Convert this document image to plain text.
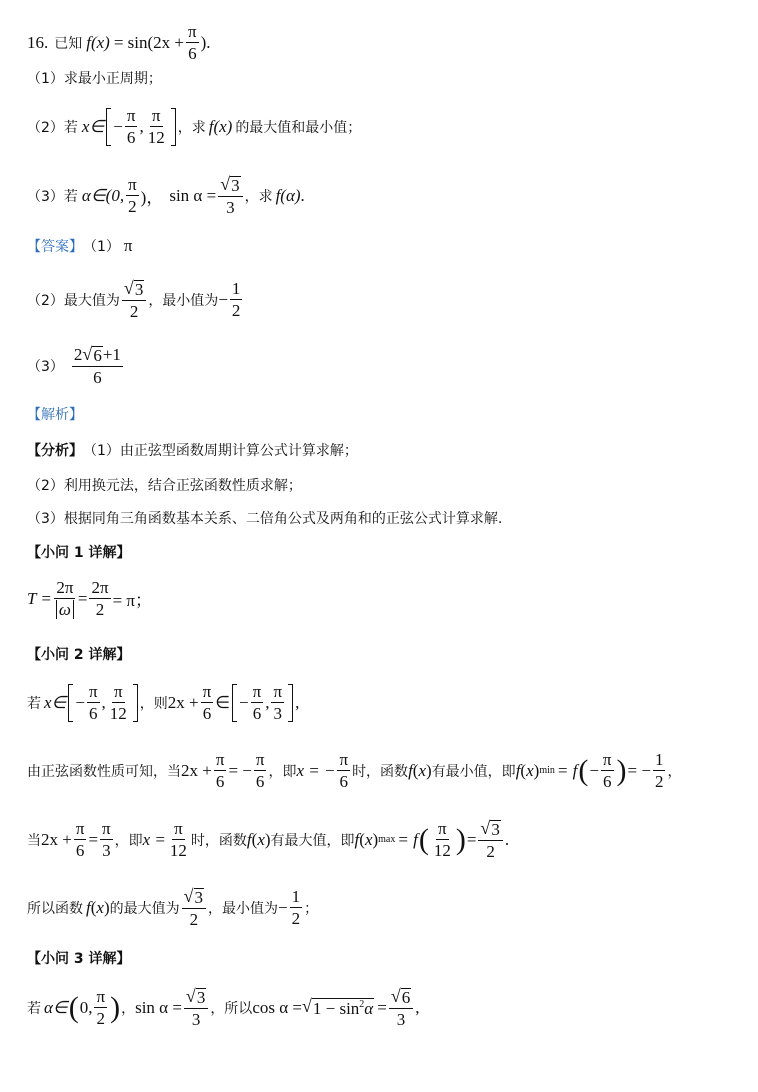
16. 已知 $f(x) = \sin(2x + \frac{\pi}{6}$ ).
（1） 求最小正周期；
（2） 若 x∈ − $\frac{\pi}{6}$ , $\frac{\pi}{12}$ ，求 f(x) 的最大值和最小值；
（3） 若 α∈(0, $\frac{\pi}{2}$ )， $\sin \alpha = \frac{√ 3}{3}$ ，求 f(α) .
【答案】 （1） π
（2） 最大值为 $\frac{√ 3}{2}$ ，最小值为 − $\frac{1}{2}$
$(3) \frac{2 √ 6 +1}{6}$
【解析】
【分析】 （1）由正弦型函数周期计算公式计算求解；
（2）利用换元法，结合正弦函数性质求解；
（3）根据同角三角函数基本关系、二倍角公式及两角和的正弦公式计算求解.
【小问 1 详解】
$T = \frac{2\pi}{\omega} = \frac{2\pi}{2} = \pi$；
【小问 2 详解】
若 x∈ − $\frac{\pi}{6}$ , $\frac{\pi}{12}$ ，则 $2x + \frac{\pi}{6}$ ∈ − $\frac{\pi}{6}$ , $\frac{\pi}{3}$ ,
由正弦函数性质可知，当 $2x + \frac{\pi}{6}$ = − $\frac{\pi}{6}$ ，即 x = − $\frac{\pi}{6}$ 时，函数 f ( x ) 有最小值，即 f ( x ) min = f ( − $\frac{\pi}{6}$ ) = − $\frac{1}{2}$ ，
当 $2x + \frac{\pi}{6} = \frac{\pi}{3}$ ，即 $x = \frac{\pi}{12}$ 时，函数 f ( x ) 有最大值，即 f ( x ) max = f ( $\frac{\pi}{12}$ ) = $\frac{√ 3}{2}$ .
所以函数 f ( x ) 的最大值为 $\frac{√ 3}{2}$ ，最小值为 − $\frac{1}{2}$ ；
【小问 3 详解】
若 α∈ ( 0, $\frac{\pi}{2}$ ) ， $\sin \alpha = \frac{√ 3}{3}$ ，所以 cos α = √ $1 - \sin^2\alpha = \frac{√ 6}{3}$ ,
